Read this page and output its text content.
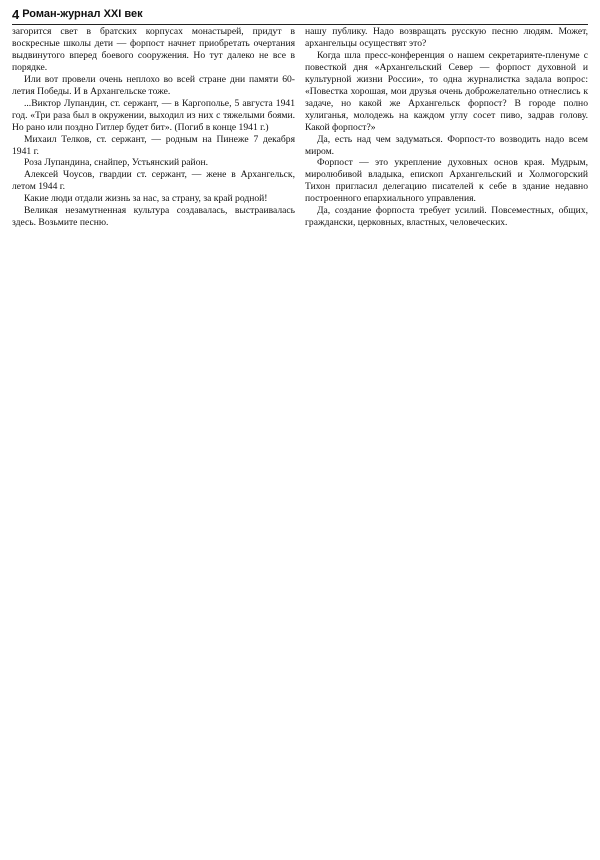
4 Роман-журнал XXI век

загорится свет в братских корпусах монастырей, придут в воскресные школы дети — форпост начнет приобретать очертания выдвинутого вперед боевого сооружения. Но тут далеко не все в порядке.

Или вот провели очень неплохо во всей стране дни памяти 60-летия Победы. И в Архангельске тоже.

...Виктор Лупандин, ст. сержант, — в Каргополье, 5 августа 1941 год. «Три раза был в окружении, выходил из них с тяжелыми боями. Но рано или поздно Гитлер будет бит». (Погиб в конце 1941 г.)

Михаил Телков, ст. сержант, — родным на Пинеже 7 декабря 1941 г.

Роза Лупандина, снайпер, Устьянский район.

Алексей Чоусов, гвардии ст. сержант, — жене в Архангельск, летом 1944 г.

Какие люди отдали жизнь за нас, за страну, за край родной!

Великая незамутненная культура создавалась, выстраивалась здесь. Возьмите песню.

нашу публику. Надо возвращать русскую песню людям. Может, архангельцы осуществят это?

Когда шла пресс-конференция о нашем секретарияте-пленуме с повесткой дня «Архангельский Север — форпост духовной и культурной жизни России», то одна журналистка задала вопрос: «Повестка хорошая, мои друзья очень доброжелательно отнеслись к задаче, но какой же Архангельск форпост? В городе полно хулиганья, молодежь на каждом углу сосет пиво, задрав голову. Какой форпост?»

Да, есть над чем задуматься. Форпост-то возводить надо всем миром.

Форпост — это укрепление духовных основ края. Мудрым, миролюбивой владыка, епископ Архангельский и Холмогорский Тихон пригласил делегацию писателей к себе в здание недавно построенного епархиального управления.

Да, создание форпоста требует усилий. Повсеместных, общих, граждански, церковных, властных, человеческих.
